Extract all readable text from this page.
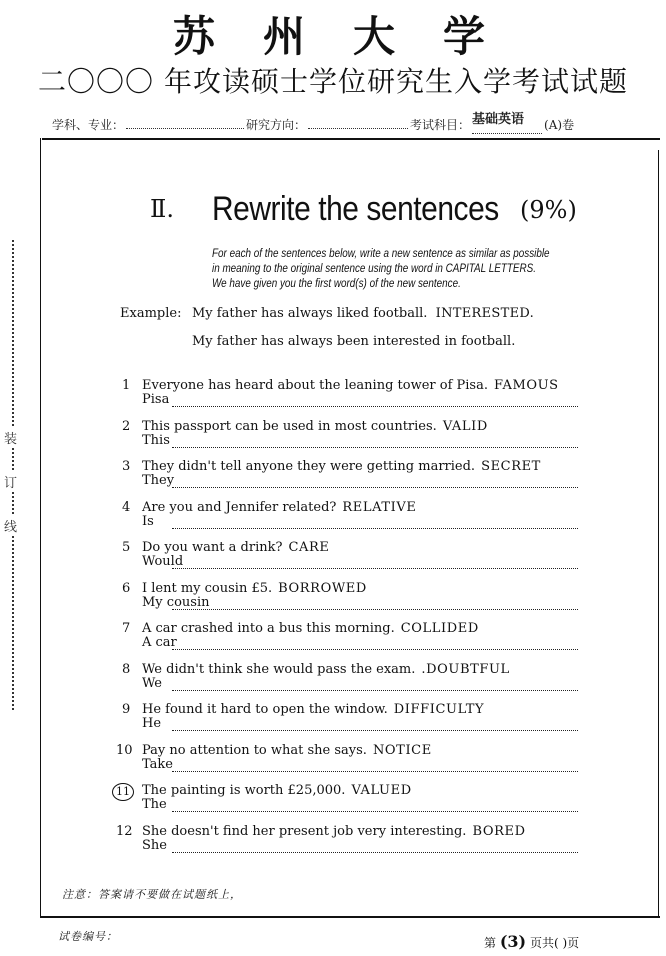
苏州大学
二〇〇〇 年攻读硕士学位研究生入学考试试题
学科、专业：	研究方向：	考试科目： 基础英语 (A)卷
装
订
线
Ⅱ. Rewrite the sentences (9%)
For each of the sentences below, write a new sentence as similar as possible
in meaning to the original sentence using the word in CAPITAL LETTERS.
We have given you the first word(s) of the new sentence.
Example: My father has always liked football. INTERESTED.
My father has always been interested in football.
1 Everyone has heard about the leaning tower of Pisa. FAMOUS
Pisa
2 This passport can be used in most countries. VALID
This
3 They didn't tell anyone they were getting married. SECRET
They
4 Are you and Jennifer related? RELATIVE
Is
5 Do you want a drink? CARE
Would
6 I lent my cousin £5. BORROWED
My cousin
7 A car crashed into a bus this morning. COLLIDED
A car
8 We didn't think she would pass the exam. .DOUBTFUL
We
9 He found it hard to open the window. DIFFICULTY
He
10 Pay no attention to what she says. NOTICE
Take
11 The painting is worth £25,000. VALUED
The
12 She doesn't find her present job very interesting. BORED
She
注意：答案请不要做在试题纸上，
试卷编号：	第 (3) 页共( )页
